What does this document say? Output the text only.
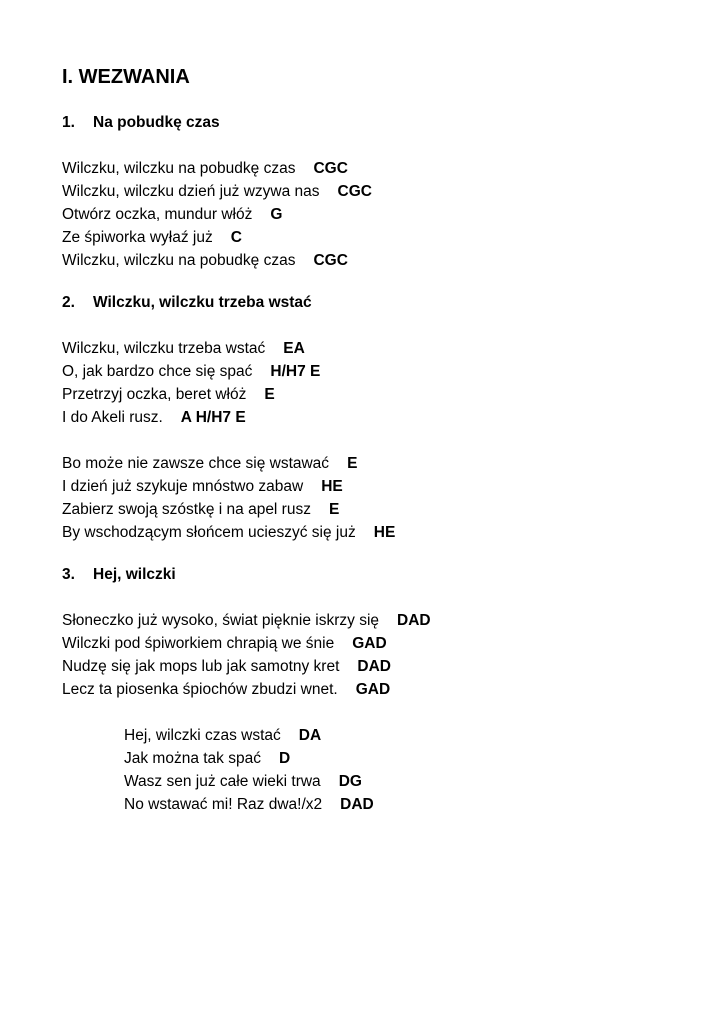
I. WEZWANIA
1. Na pobudkę czas
Wilczku, wilczku na pobudkę czas CGC
Wilczku, wilczku dzień już wzywa nas CGC
Otwórz oczka, mundur włóż G
Ze śpiworka wyłaź już C
Wilczku, wilczku na pobudkę czas CGC
2. Wilczku, wilczku trzeba wstać
Wilczku, wilczku trzeba wstać EA
O, jak bardzo chce się spać H/H7 E
Przetrzyj oczka, beret włóż E
I do Akeli rusz. A H/H7 E
Bo może nie zawsze chce się wstawać E
I dzień już szykuje mnóstwo zabaw HE
Zabierz swoją szóstkę i na apel rusz E
By wschodzącym słońcem ucieszyć się już HE
3. Hej, wilczki
Słoneczko już wysoko, świat pięknie iskrzy się DAD
Wilczki pod śpiworkiem chrapią we śnie GAD
Nudzę się jak mops lub jak samotny kret DAD
Lecz ta piosenka śpiochów zbudzi wnet. GAD
Hej, wilczki czas wstać DA
Jak można tak spać D
Wasz sen już całe wieki trwa DG
No wstawać mi! Raz dwa!/x2 DAD
